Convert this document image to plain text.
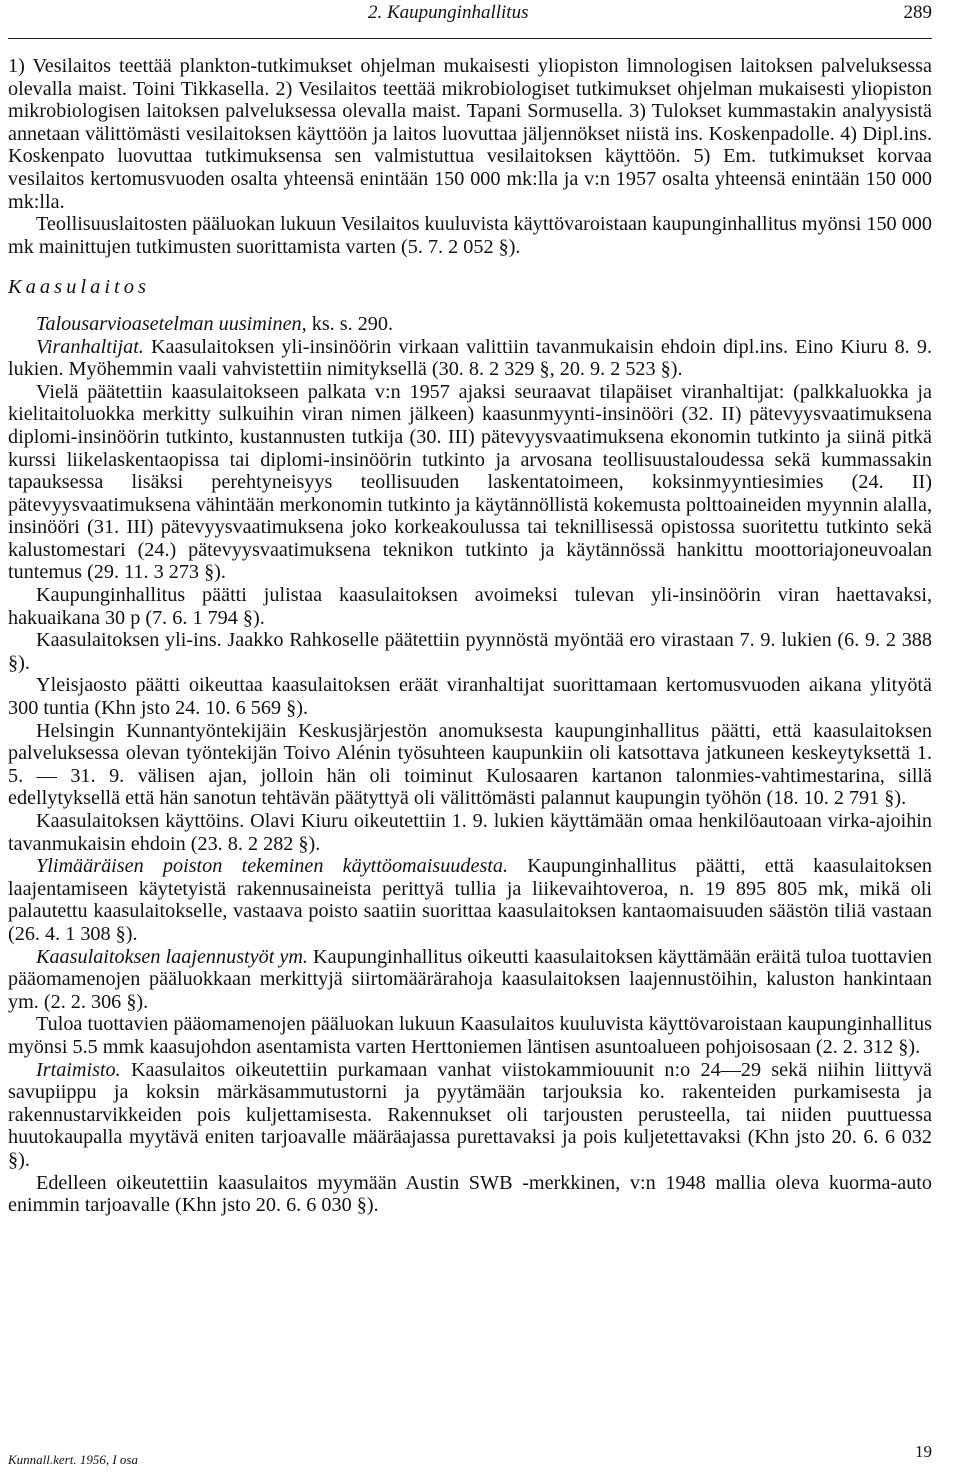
2. Kaupunginhallitus	289

1) Vesilaitos teettää plankton-tutkimukset ohjelman mukaisesti yliopiston limnologisen laitoksen palveluksessa olevalla maist. Toini Tikkasella. 2) Vesilaitos teettää mikrobiologiset tutkimukset ohjelman mukaisesti yliopiston mikrobiologisen laitoksen palveluksessa olevalla maist. Tapani Sormusella. 3) Tulokset kummastakin analyysistä annetaan välittömästi vesilaitoksen käyttöön ja laitos luovuttaa jäljennökset niistä ins. Koskenpadolle. 4) Dipl.ins. Koskenpato luovuttaa tutkimuksensa sen valmistuttua vesilaitoksen käyttöön. 5) Em. tutkimukset korvaa vesilaitos kertomusvuoden osalta yhteensä enintään 150 000 mk:lla ja v:n 1957 osalta yhteensä enintään 150 000 mk:lla.

Teollisuuslaitosten pääluokan lukuun Vesilaitos kuuluvista käyttövaroistaan kaupunginhallitus myönsi 150 000 mk mainittujen tutkimusten suorittamista varten (5. 7. 2 052 §).

Kaasulaitos

Talousarvioasetelman uusiminen, ks. s. 290.

Viranhaltijat. Kaasulaitoksen yli-insinöörin virkaan valittiin tavanmukaisin ehdoin dipl.ins. Eino Kiuru 8. 9. lukien. Myöhemmin vaali vahvistettiin nimityksellä (30. 8. 2 329 §, 20. 9. 2 523 §).

Vielä päätettiin kaasulaitokseen palkata v:n 1957 ajaksi seuraavat tilapäiset viranhaltijat: (palkkaluokka ja kielitaitoluokka merkitty sulkuihin viran nimen jälkeen) kaasunmyynti-insinööri (32. II) pätevyysvaatimuksena diplomi-insinöörin tutkinto, kustannusten tutkija (30. III) pätevyysvaatimuksena ekonomin tutkinto ja siinä pitkä kurssi liikelaskentaopissa tai diplomi-insinöörin tutkinto ja arvosana teollisuustaloudessa sekä kummassakin tapauksessa lisäksi perehtyneisyys teollisuuden laskentatoimeen, koksinmyyntiesimies (24. II) pätevyysvaatimuksena vähintään merkonomin tutkinto ja käytännöllistä kokemusta polttoaineiden myynnin alalla, insinööri (31. III) pätevyysvaatimuksena joko korkeakoulussa tai teknillisessä opistossa suoritettu tutkinto sekä kalustomestari (24.) pätevyysvaatimuksena teknikon tutkinto ja käytännössä hankittu moottoriajoneuvoalan tuntemus (29. 11. 3 273 §).

Kaupunginhallitus päätti julistaa kaasulaitoksen avoimeksi tulevan yli-insinöörin viran haettavaksi, hakuaikana 30 p (7. 6. 1 794 §).

Kaasulaitoksen yli-ins. Jaakko Rahkoselle päätettiin pyynnöstä myöntää ero virastaan 7. 9. lukien (6. 9. 2 388 §).

Yleisjaosto päätti oikeuttaa kaasulaitoksen eräät viranhaltijat suorittamaan kertomusvuoden aikana ylityötä 300 tuntia (Khn jsto 24. 10. 6 569 §).

Helsingin Kunnantyöntekijäin Keskusjärjestön anomuksesta kaupunginhallitus päätti, että kaasulaitoksen palveluksessa olevan työntekijän Toivo Alénin työsuhteen kaupunkiin oli katsottava jatkuneen keskeytyksettä 1. 5. — 31. 9. välisen ajan, jolloin hän oli toiminut Kulosaaren kartanon talonmies-vahtimestarina, sillä edellytyksellä että hän sanotun tehtävän päätyttyä oli välittömästi palannut kaupungin työhön (18. 10. 2 791 §).

Kaasulaitoksen käyttöins. Olavi Kiuru oikeutettiin 1. 9. lukien käyttämään omaa henkilöautoaan virka-ajoihin tavanmukaisin ehdoin (23. 8. 2 282 §).

Ylimääräisen poiston tekeminen käyttöomaisuudesta. Kaupunginhallitus päätti, että kaasulaitoksen laajentamiseen käytetyistä rakennusaineista perittyä tullia ja liikevaihtoveroa, n. 19 895 805 mk, mikä oli palautettu kaasulaitokselle, vastaava poisto saatiin suorittaa kaasulaitoksen kantaomaisuuden säästön tiliä vastaan (26. 4. 1 308 §).

Kaasulaitoksen laajennustyöt ym. Kaupunginhallitus oikeutti kaasulaitoksen käyttämään eräitä tuloa tuottavien pääomamenojen pääluokkaan merkittyjä siirtomäärärahoja kaasulaitoksen laajennustöihin, kaluston hankintaan ym. (2. 2. 306 §).

Tuloa tuottavien pääomamenojen pääluokan lukuun Kaasulaitos kuuluvista käyttövaroistaan kaupunginhallitus myönsi 5.5 mmk kaasujohdon asentamista varten Herttoniemen läntisen asuntoalueen pohjoisosaan (2. 2. 312 §).

Irtaimisto. Kaasulaitos oikeutettiin purkamaan vanhat viistokammiouunit n:o 24—29 sekä niihin liittyvä savupiippu ja koksin märkäsammutustorni ja pyytämään tarjouksia ko. rakenteiden purkamisesta ja rakennustarvikkeiden pois kuljettamisesta. Rakennukset oli tarjousten perusteella, tai niiden puuttuessa huutokaupalla myytävä eniten tarjoavalle määräajassa purettavaksi ja pois kuljetettavaksi (Khn jsto 20. 6. 6 032 §).

Edelleen oikeutettiin kaasulaitos myymään Austin SWB -merkkinen, v:n 1948 mallia oleva kuorma-auto enimmin tarjoavalle (Khn jsto 20. 6. 6 030 §).

Kunnall.kert. 1956, I osa	19
